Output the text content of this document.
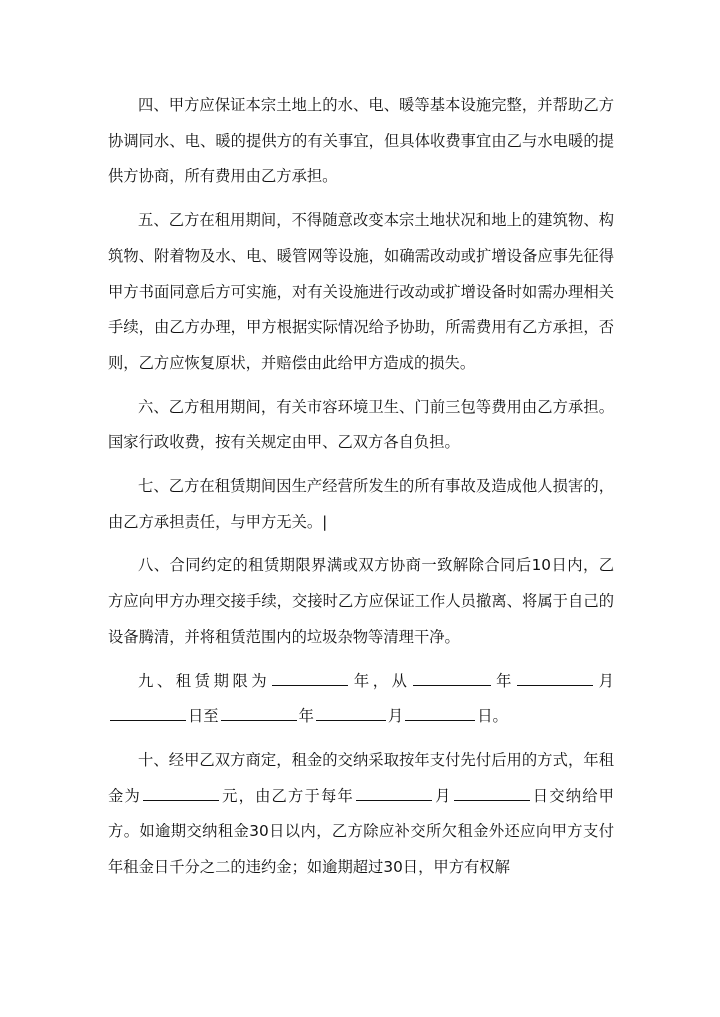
四、甲方应保证本宗土地上的水、电、暖等基本设施完整，并帮助乙方协调同水、电、暖的提供方的有关事宜，但具体收费事宜由乙与水电暖的提供方协商，所有费用由乙方承担。

五、乙方在租用期间，不得随意改变本宗土地状况和地上的建筑物、构筑物、附着物及水、电、暖管网等设施，如确需改动或扩增设备应事先征得甲方书面同意后方可实施，对有关设施进行改动或扩增设备时如需办理相关手续，由乙方办理，甲方根据实际情况给予协助，所需费用有乙方承担，否则，乙方应恢复原状，并赔偿由此给甲方造成的损失。

六、乙方租用期间，有关市容环境卫生、门前三包等费用由乙方承担。国家行政收费，按有关规定由甲、乙双方各自负担。

七、乙方在租赁期间因生产经营所发生的所有事故及造成他人损害的，由乙方承担责任，与甲方无关。|

八、合同约定的租赁期限界满或双方协商一致解除合同后10日内，乙方应向甲方办理交接手续，交接时乙方应保证工作人员撤离、将属于自己的设备腾清，并将租赁范围内的垃圾杂物等清理干净。

九、租赁期限为	年，从	年	月日至	年	月	日。

十、经甲乙双方商定，租金的交纳采取按年支付先付后用的方式，年租金为	元，由乙方于每年	月	日交纳给甲方。如逾期交纳租金30日以内，乙方除应补交所欠租金外还应向甲方支付年租金日千分之二的违约金；如逾期超过30日，甲方有权解
